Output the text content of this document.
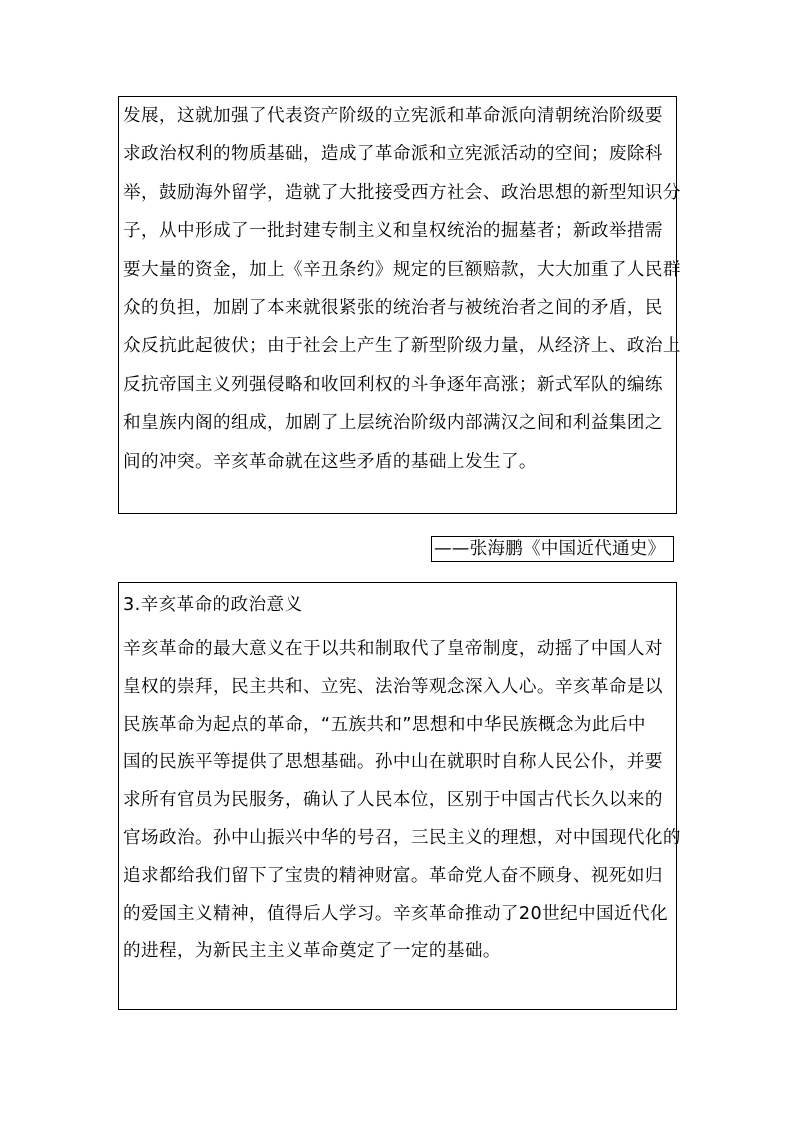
发展，这就加强了代表资产阶级的立宪派和革命派向清朝统治阶级要
求政治权利的物质基础，造成了革命派和立宪派活动的空间；废除科
举，鼓励海外留学，造就了大批接受西方社会、政治思想的新型知识分
子，从中形成了一批封建专制主义和皇权统治的掘墓者；新政举措需
要大量的资金，加上《辛丑条约》规定的巨额赔款，大大加重了人民群
众的负担，加剧了本来就很紧张的统治者与被统治者之间的矛盾，民
众反抗此起彼伏；由于社会上产生了新型阶级力量，从经济上、政治上
反抗帝国主义列强侵略和收回利权的斗争逐年高涨；新式军队的编练
和皇族内阁的组成，加剧了上层统治阶级内部满汉之间和利益集团之
间的冲突。辛亥革命就在这些矛盾的基础上发生了。

——张海鹏《中国近代通史》
3.辛亥革命的政治意义

辛亥革命的最大意义在于以共和制取代了皇帝制度，动摇了中国人对
皇权的崇拜，民主共和、立宪、法治等观念深入人心。辛亥革命是以
民族革命为起点的革命，“五族共和”思想和中华民族概念为此后中
国的民族平等提供了思想基础。孙中山在就职时自称人民公仆，并要
求所有官员为民服务，确认了人民本位，区别于中国古代长久以来的
官场政治。孙中山振兴中华的号召，三民主义的理想，对中国现代化的
追求都给我们留下了宝贵的精神财富。革命党人奋不顾身、视死如归
的爱国主义精神，值得后人学习。辛亥革命推动了20世纪中国近代化
的进程，为新民主主义革命奠定了一定的基础。
